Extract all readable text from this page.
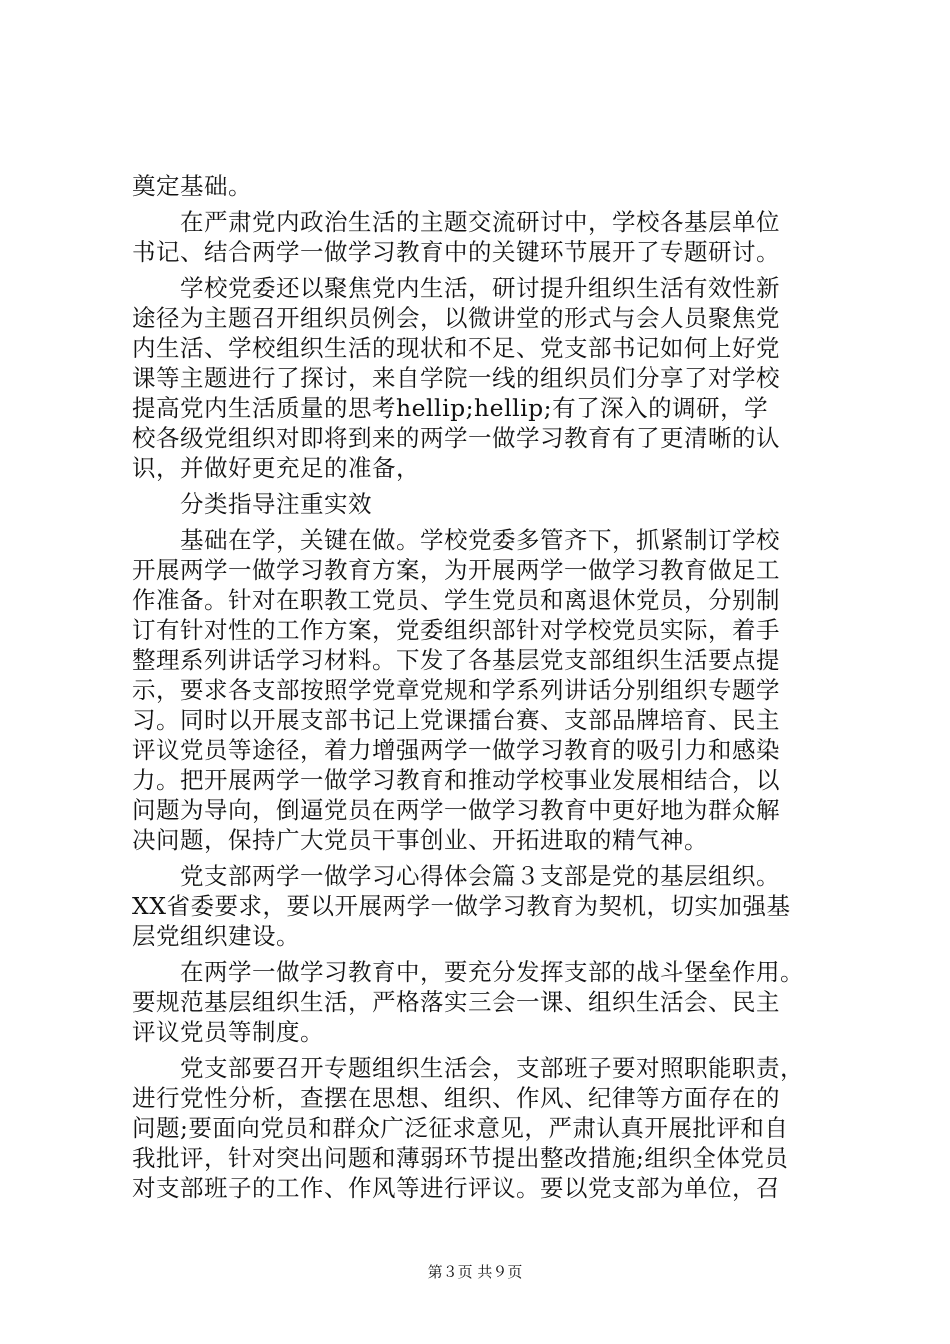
奠定基础。
　　在严肃党内政治生活的主题交流研讨中，学校各基层单位
书记、结合两学一做学习教育中的关键环节展开了专题研讨。
　　学校党委还以聚焦党内生活，研讨提升组织生活有效性新
途径为主题召开组织员例会，以微讲堂的形式与会人员聚焦党
内生活、学校组织生活的现状和不足、党支部书记如何上好党
课等主题进行了探讨，来自学院一线的组织员们分享了对学校
提高党内生活质量的思考hellip;hellip;有了深入的调研，学
校各级党组织对即将到来的两学一做学习教育有了更清晰的认
识，并做好更充足的准备，
　　分类指导注重实效
　　基础在学，关键在做。学校党委多管齐下，抓紧制订学校
开展两学一做学习教育方案，为开展两学一做学习教育做足工
作准备。针对在职教工党员、学生党员和离退休党员，分别制
订有针对性的工作方案，党委组织部针对学校党员实际，着手
整理系列讲话学习材料。下发了各基层党支部组织生活要点提
示，要求各支部按照学党章党规和学系列讲话分别组织专题学
习。同时以开展支部书记上党课擂台赛、支部品牌培育、民主
评议党员等途径，着力增强两学一做学习教育的吸引力和感染
力。把开展两学一做学习教育和推动学校事业发展相结合，以
问题为导向，倒逼党员在两学一做学习教育中更好地为群众解
决问题，保持广大党员干事创业、开拓进取的精气神。
　　党支部两学一做学习心得体会篇３支部是党的基层组织。
XX省委要求，要以开展两学一做学习教育为契机，切实加强基
层党组织建设。
　　在两学一做学习教育中，要充分发挥支部的战斗堡垒作用。
要规范基层组织生活，严格落实三会一课、组织生活会、民主
评议党员等制度。
　　党支部要召开专题组织生活会，支部班子要对照职能职责，
进行党性分析，查摆在思想、组织、作风、纪律等方面存在的
问题;要面向党员和群众广泛征求意见，严肃认真开展批评和自
我批评，针对突出问题和薄弱环节提出整改措施;组织全体党员
对支部班子的工作、作风等进行评议。要以党支部为单位，召
第３页 共９页
